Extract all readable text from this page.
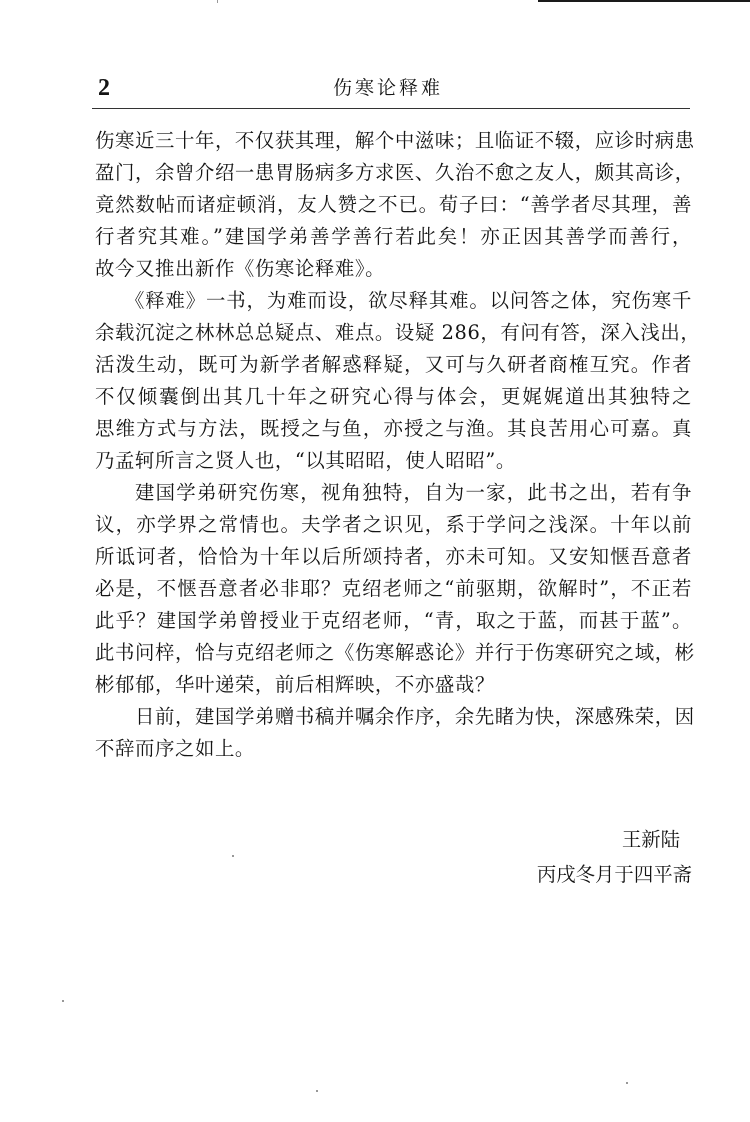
2	伤寒论释难
伤寒近三十年，不仅获其理，解个中滋味；且临证不辍，应诊时病患
盈门，余曾介绍一患胃肠病多方求医、久治不愈之友人，颇其高诊，
竟然数帖而诸症顿消，友人赞之不已。荀子曰：“善学者尽其理，善
行者究其难。”建国学弟善学善行若此矣！亦正因其善学而善行，
故今又推出新作《伤寒论释难》。
《释难》一书，为难而设，欲尽释其难。以问答之体，究伤寒千
余载沉淀之林林总总疑点、难点。设疑 286，有问有答，深入浅出，
活泼生动，既可为新学者解惑释疑，又可与久研者商榷互究。作者
不仅倾囊倒出其几十年之研究心得与体会，更娓娓道出其独特之
思维方式与方法，既授之与鱼，亦授之与渔。其良苦用心可嘉。真
乃孟轲所言之贤人也，“以其昭昭，使人昭昭”。
建国学弟研究伤寒，视角独特，自为一家，此书之出，若有争
议，亦学界之常情也。夫学者之识见，系于学问之浅深。十年以前
所诋诃者，恰恰为十年以后所颂持者，亦未可知。又安知惬吾意者
必是，不惬吾意者必非耶？克绍老师之“前驱期，欲解时”，不正若
此乎？建国学弟曾授业于克绍老师，“青，取之于蓝，而甚于蓝”。
此书问梓，恰与克绍老师之《伤寒解惑论》并行于伤寒研究之域，彬
彬郁郁，华叶递荣，前后相辉映，不亦盛哉？
日前，建国学弟赠书稿并嘱余作序，余先睹为快，深感殊荣，因
不辞而序之如上。
王新陆
丙戌冬月于四平斋
